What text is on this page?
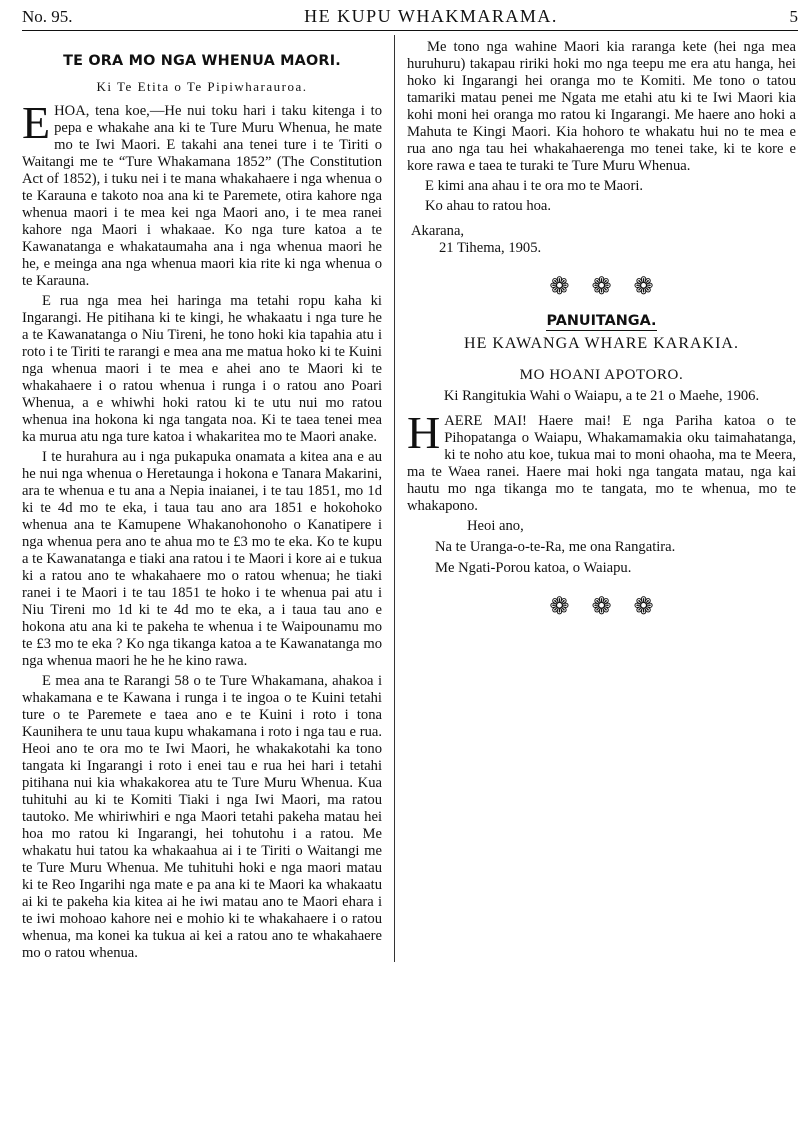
No. 95.	HE KUPU WHAKMARAMA.	5
TE ORA MO NGA WHENUA MAORI.
Ki Te Etita o Te Pipiwharauroa.

EHOA, tena koe,—He nui toku hari i taku kitenga i to pepa e whakahe ana ki te Ture Muru Whenua, he mate mo te Iwi Maori. E takahi ana tenei ture i te Tiriti o Waitangi me te “Ture Whakamana 1852” (The Constitution Act of 1852), i tuku nei i te mana whakahaere i nga whenua o te Karauna e takoto noa ana ki te Paremete, otira kahore nga whenua maori i te mea kei nga Maori ano, i te mea ranei kahore nga Maori i whakaae. Ko nga ture katoa a te Kawanatanga e whakataumaha ana i nga whenua maori he he, e meinga ana nga whenua maori kia rite ki nga whenua o te Karauna.

E rua nga mea hei haringa ma tetahi ropu kaha ki Ingarangi. He pitihana ki te kingi, he whakaatu i nga ture he a te Kawanatanga o Niu Tireni, he tono hoki kia tapahia atu i roto i te Tiriti te rarangi e mea ana me matua hoko ki te Kuini nga whenua maori i te mea e ahei ano te Maori ki te whakahaere i o ratou whenua i runga i o ratou ano Poari Whenua, a e whiwhi hoki ratou ki te utu nui mo ratou whenua ina hokona ki nga tangata noa. Ki te taea tenei mea ka murua atu nga ture katoa i whakaritea mo te Maori anake.

I te hurahura au i nga pukapuka onamata a kitea ana e au he nui nga whenua o Heretaunga i hokona e Tanara Makarini, ara te whenua e tu ana a Nepia inaianei, i te tau 1851, mo 1d ki te 4d mo te eka, i taua tau ano ara 1851 e hokohoko whenua ana te Kamupene Whakanohonoho o Kanatipere i nga whenua pera ano te ahua mo te £3 mo te eka. Ko te kupu a te Kawanatanga e tiaki ana ratou i te Maori i kore ai e tukua ki a ratou ano te whakahaere mo o ratou whenua; he tiaki ranei i te Maori i te tau 1851 te hoko i te whenua pai atu i Niu Tireni mo 1d ki te 4d mo te eka, a i taua tau ano e hokona atu ana ki te pakeha te whenua i te Waipounamu mo te £3 mo te eka ? Ko nga tikanga katoa a te Kawanatanga mo nga whenua maori he he he kino rawa.

E mea ana te Rarangi 58 o te Ture Whakamana, ahakoa i whakamana e te Kawana i runga i te ingoa o te Kuini tetahi ture o te Paremete e taea ano e te Kuini i roto i tona Kaunihera te unu taua kupu whakamana i roto i nga tau e rua. Heoi ano te ora mo te Iwi Maori, he whakakotahi ka tono tangata ki Ingarangi i roto i enei tau e rua hei hari i tetahi pitihana nui kia whakakorea atu te Ture Muru Whenua. Kua tuhituhi au ki te Komiti Tiaki i nga Iwi Maori, ma ratou tautoko. Me whiriwhiri e nga Maori tetahi pakeha matau hei hoa mo ratou ki Ingarangi, hei tohutohu i a ratou. Me whakatu hui tatou ka whakaahua ai i te Tiriti o Waitangi me te Ture Muru Whenua. Me tuhituhi hoki e nga maori matau ki te Reo Ingarihi nga mate e pa ana ki te Maori ka whakaatu ai ki te pakeha kia kitea ai he iwi matau ano te Maori ehara i te iwi mohoao kahore nei e mohio ki te whakahaere i o ratou whenua, ma konei ka tukua ai kei a ratou ano te whakahaere mo o ratou whenua.

Me tono nga wahine Maori kia raranga kete (hei nga mea huruhuru) takapau ririki hoki mo nga teepu me era atu hanga, hei hoko ki Ingarangi hei oranga mo te Komiti. Me tono o tatou tamariki matau penei me Ngata me etahi atu ki te Iwi Maori kia kohi moni hei oranga mo ratou ki Ingarangi. Me haere ano hoki a Mahuta te Kingi Maori. Kia hohoro te whakatu hui no te mea e rua ano nga tau hei whakahaerenga mo tenei take, ki te kore e kore rawa e taea te turaki te Ture Muru Whenua.

E kimi ana ahau i te ora mo te Maori.

Ko ahau to ratou hoa.

Akarana,

21 Tihema, 1905.

❁ ❁ ❁
PANUITANGA.
HE KAWANGA WHARE KARAKIA.
MO HOANI APOTORO.

Ki Rangitukia Wahi o Waiapu, a te 21 o Maehe, 1906.

HAERE MAI! Haere mai! E nga Pariha katoa o te Pihopatanga o Waiapu, Whakamamakia oku taimahatanga, ki te noho atu koe, tukua mai to moni ohaoha, ma te Meera, ma te Waea ranei. Haere mai hoki nga tangata matau, nga kai hautu mo nga tikanga mo te tangata, mo te whenua, mo te whakapono.

Heoi ano,

Na te Uranga-o-te-Ra, me ona Rangatira.

Me Ngati-Porou katoa, o Waiapu.

❁ ❁ ❁
